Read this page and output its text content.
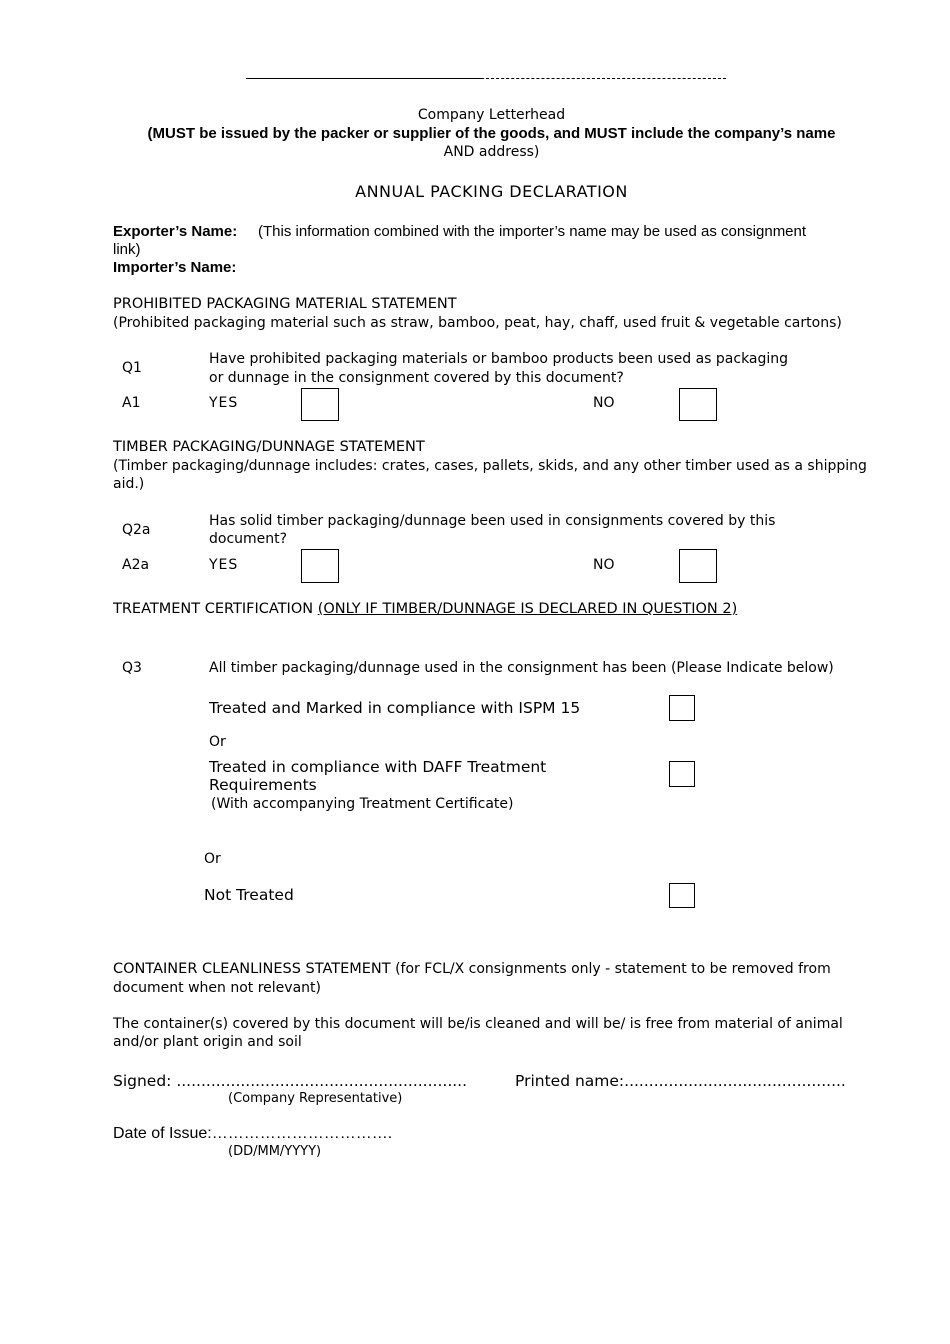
Company Letterhead
(MUST be issued by the packer or supplier of the goods, and MUST include the company’s name
AND address)
ANNUAL PACKING DECLARATION
Exporter’s Name: (This information combined with the importer’s name may be used as consignment
link)
Importer’s Name:
PROHIBITED PACKAGING MATERIAL STATEMENT
(Prohibited packaging material such as straw, bamboo, peat, hay, chaff, used fruit & vegetable cartons)
Q1
Have prohibited packaging materials or bamboo products been used as packaging
or dunnage in the consignment covered by this document?
A1	YES	NO
TIMBER PACKAGING/DUNNAGE STATEMENT
(Timber packaging/dunnage includes: crates, cases, pallets, skids, and any other timber used as a shipping
aid.)
Q2a
Has solid timber packaging/dunnage been used in consignments covered by this
document?
A2a	YES	NO
TREATMENT CERTIFICATION (ONLY IF TIMBER/DUNNAGE IS DECLARED IN QUESTION 2)
Q3	All timber packaging/dunnage used in the consignment has been (Please Indicate below)
Treated and Marked in compliance with ISPM 15
Or
Treated in compliance with DAFF Treatment
Requirements
(With accompanying Treatment Certificate)
Or
Not Treated
CONTAINER CLEANLINESS STATEMENT (for FCL/X consignments only - statement to be removed from
document when not relevant)
The container(s) covered by this document will be/is cleaned and will be/ is free from material of animal
and/or plant origin and soil
Signed: ...........................................................
(Company Representative)
Printed name:.............................................
Date of Issue:…………………………….
(DD/MM/YYYY)
